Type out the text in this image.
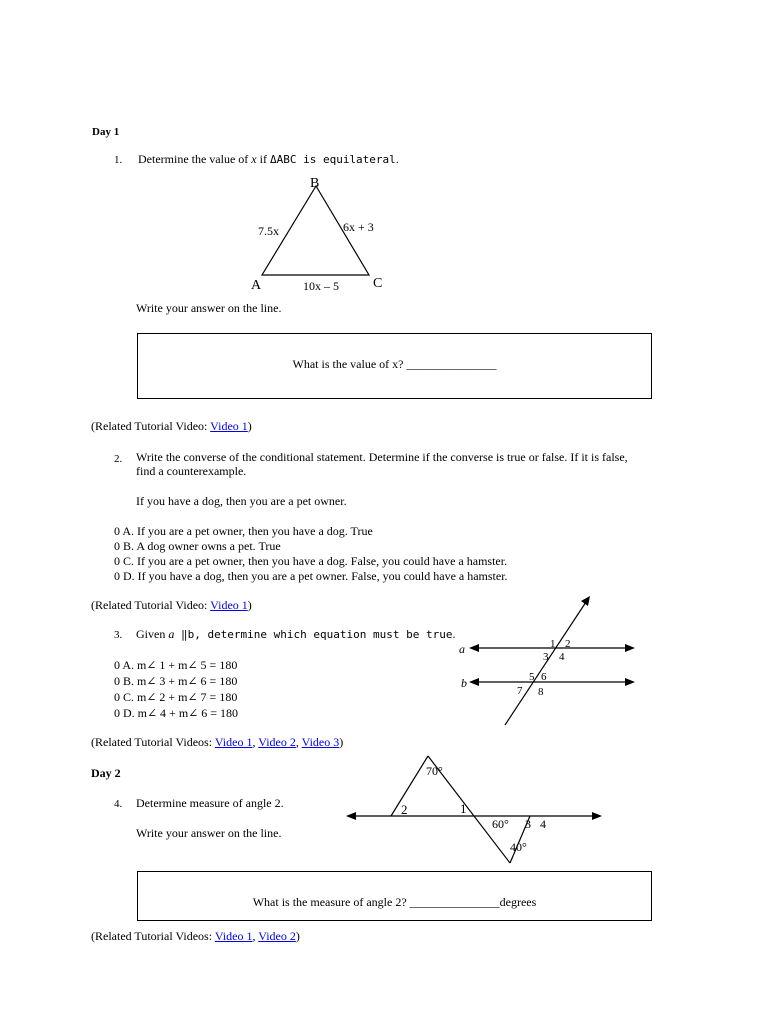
Day 1
1. Determine the value of x if ΔABC is equilateral.
B
A	C
7.5x	6x + 3
10x – 5
Write your answer on the line.
What is the value of x? _______________
(Related Tutorial Video: Video 1)
2. Write the converse of the conditional statement. Determine if the converse is true or false. If it is false,
find a counterexample.
If you have a dog, then you are a pet owner.
0 A. If you are a pet owner, then you have a dog. True
0 B. A dog owner owns a pet. True
0 C. If you are a pet owner, then you have a dog. False, you could have a hamster.
0 D. If you have a dog, then you are a pet owner. False, you could have a hamster.
(Related Tutorial Video: Video 1)
3. Given a ‖b, determine which equation must be true.
0 A. m∠ 1 + m∠ 5 = 180
0 B. m∠ 3 + m∠ 6 = 180
0 C. m∠ 2 + m∠ 7 = 180
0 D. m∠ 4 + m∠ 6 = 180
a
b
1 2
3 4
5 6
7 8
(Related Tutorial Videos: Video 1, Video 2, Video 3)
Day 2
4. Determine measure of angle 2.
Write your answer on the line.
70°
2	1
60° 3 4
40°
What is the measure of angle 2? _______________degrees
(Related Tutorial Videos: Video 1, Video 2)
